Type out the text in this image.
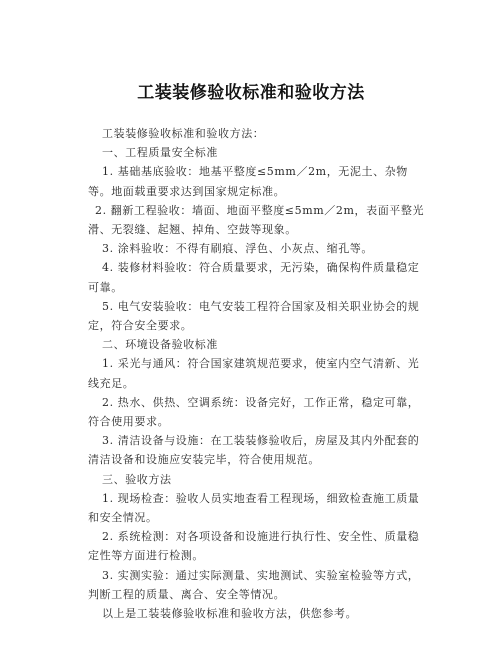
工装装修验收标准和验收方法

工装装修验收标准和验收方法：

一、工程质量安全标准

1. 基础基底验收：地基平整度≤5mm／2m，无泥土、杂物等。地面载重要求达到国家规定标准。

2. 翻新工程验收：墙面、地面平整度≤5mm／2m，表面平整光滑、无裂缝、起翘、掉角、空鼓等现象。

3. 涂料验收：不得有刷痕、浮色、小灰点、缩孔等。

4. 装修材料验收：符合质量要求，无污染，确保构件质量稳定可靠。

5. 电气安装验收：电气安装工程符合国家及相关职业协会的规定，符合安全要求。

二、环境设备验收标准

1. 采光与通风：符合国家建筑规范要求，使室内空气清新、光线充足。

2. 热水、供热、空调系统：设备完好，工作正常，稳定可靠，符合使用要求。

3. 清洁设备与设施：在工装装修验收后，房屋及其内外配套的清洁设备和设施应安装完毕，符合使用规范。

三、验收方法

1. 现场检查：验收人员实地查看工程现场，细致检查施工质量和安全情况。

2. 系统检测：对各项设备和设施进行执行性、安全性、质量稳定性等方面进行检测。

3. 实测实验：通过实际测量、实地测试、实验室检验等方式，判断工程的质量、离合、安全等情况。

以上是工装装修验收标准和验收方法，供您参考。
